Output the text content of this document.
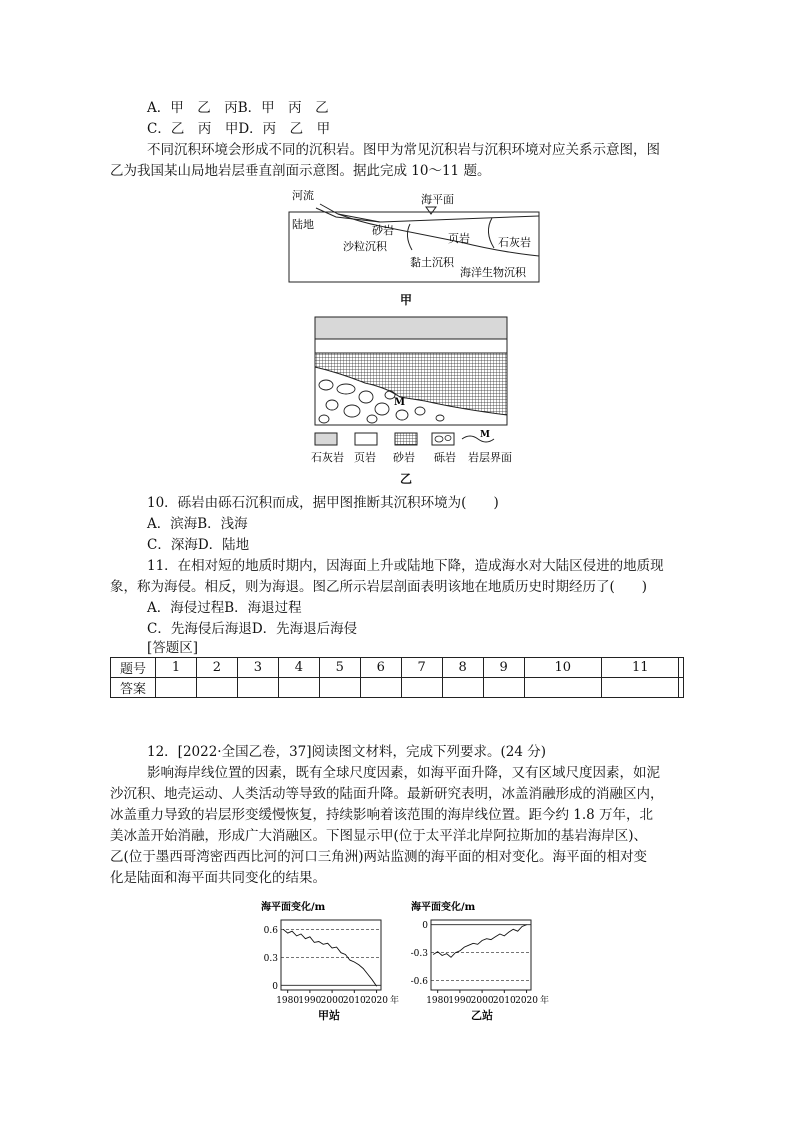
A．甲　乙　丙B．甲　丙　乙
C．乙　丙　甲D．丙　乙　甲
不同沉积环境会形成不同的沉积岩。图甲为常见沉积岩与沉积环境对应关系示意图，图
乙为我国某山局地岩层垂直剖面示意图。据此完成 10～11 题。
河流	海平面
陆地	砂岩
页岩	石灰岩
沙粒沉积
黏土沉积
海洋生物沉积
甲
M
M
石灰岩 页岩 砂岩 砾岩 岩层界面
乙
10．砾岩由砾石沉积而成，据甲图推断其沉积环境为(　　)
A．滨海B．浅海
C．深海D．陆地
11．在相对短的地质时期内，因海面上升或陆地下降，造成海水对大陆区侵进的地质现
象，称为海侵。相反，则为海退。图乙所示岩层剖面表明该地在地质历史时期经历了(　　)
A．海侵过程B．海退过程
C．先海侵后海退D．先海退后海侵
[答题区]
题号	1	2	3	4	5	6	7	8	9	10	11	
答案												
12．[2022·全国乙卷，37]阅读图文材料，完成下列要求。(24 分)
影响海岸线位置的因素，既有全球尺度因素，如海平面升降，又有区域尺度因素，如泥
沙沉积、地壳运动、人类活动等导致的陆面升降。最新研究表明，冰盖消融形成的消融区内，
冰盖重力导致的岩层形变缓慢恢复，持续影响着该范围的海岸线位置。距今约 1.8 万年，北
美冰盖开始消融，形成广大消融区。下图显示甲(位于太平洋北岸阿拉斯加的基岩海岸区)、
乙(位于墨西哥湾密西西比河的河口三角洲)两站监测的海平面的相对变化。海平面的相对变
化是陆面和海平面共同变化的结果。
海平面变化/m
甲站
0.6
0.3
0
1980 1990 2000 2010 2020 年
海平面变化/m
乙站
0
-0.3
-0.6
1980 1990 2000 2010 2020 年
